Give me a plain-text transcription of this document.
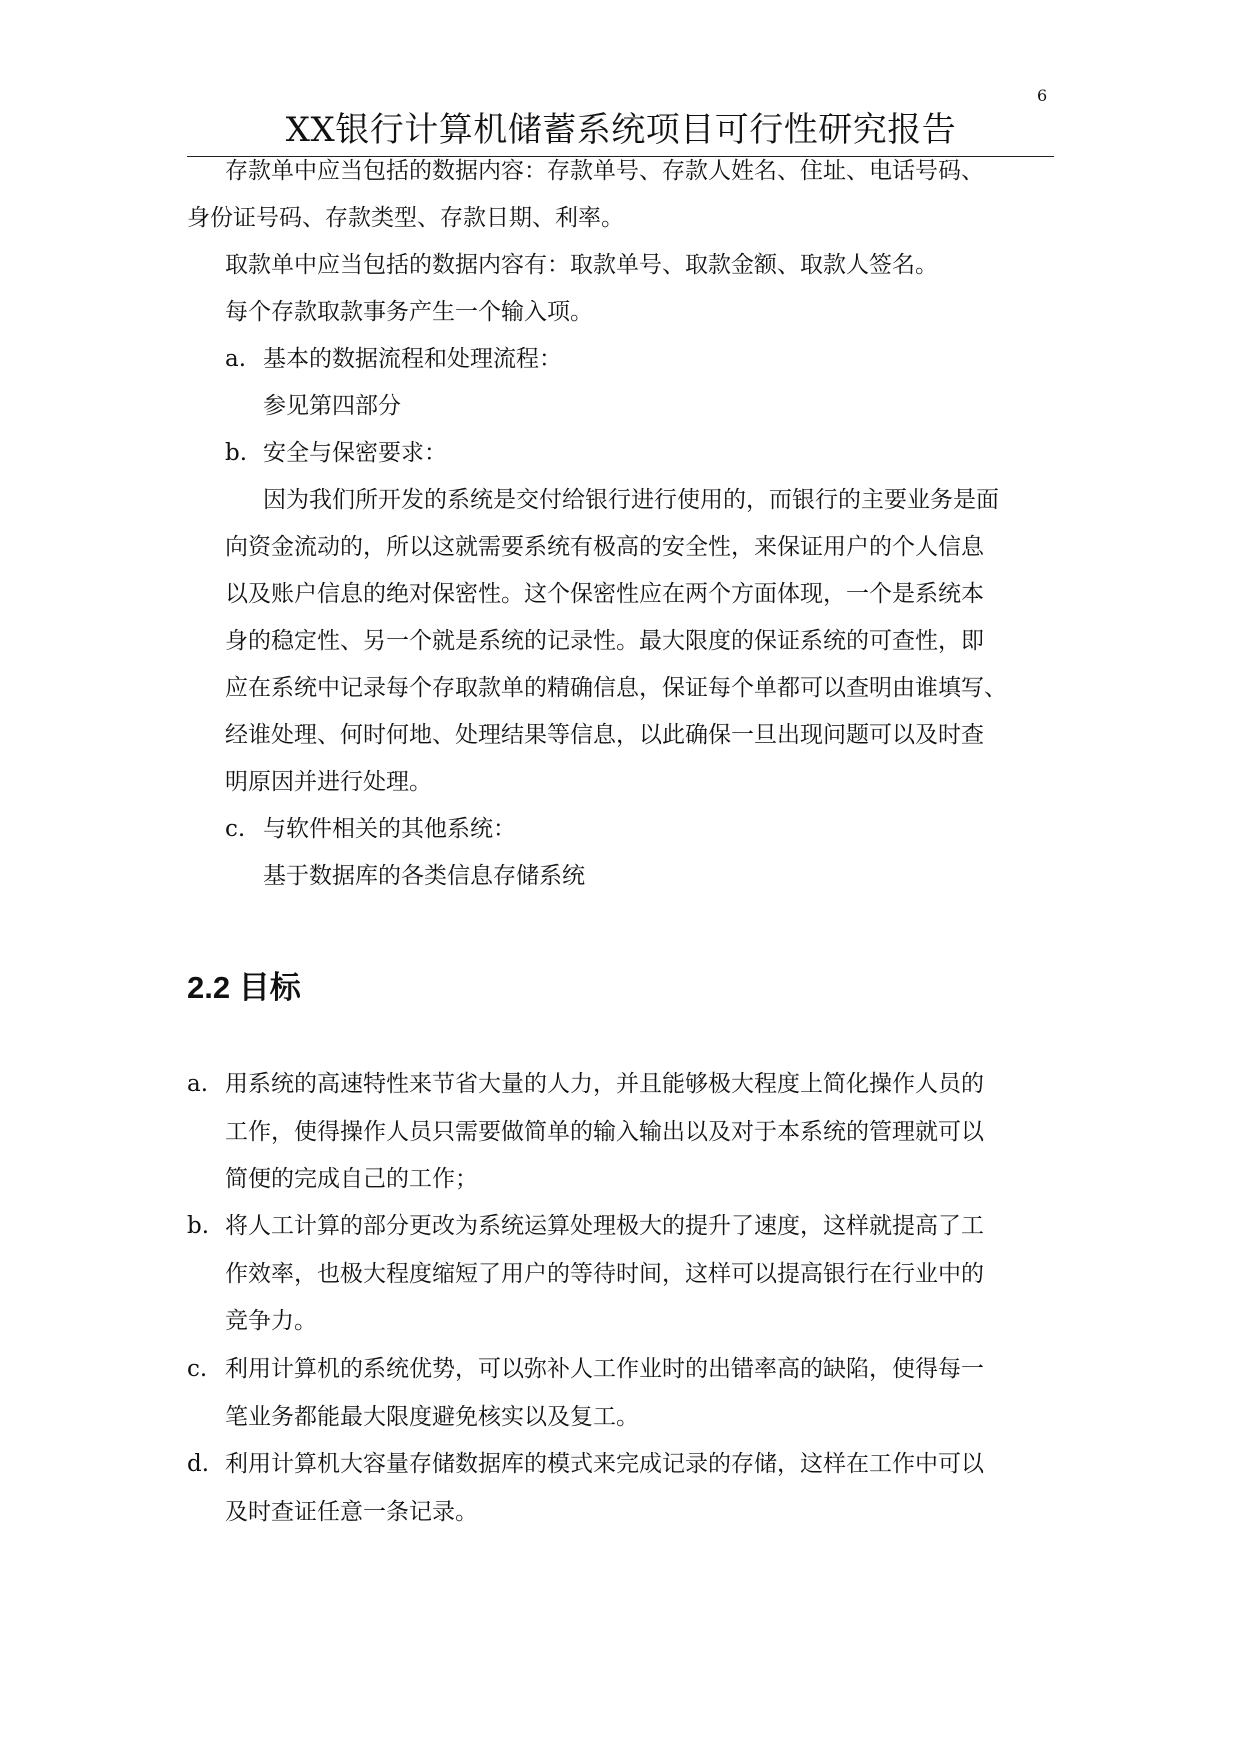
6
XX银行计算机储蓄系统项目可行性研究报告
存款单中应当包括的数据内容：存款单号、存款人姓名、住址、电话号码、
身份证号码、存款类型、存款日期、利率。
取款单中应当包括的数据内容有：取款单号、取款金额、取款人签名。
每个存款取款事务产生一个输入项。
a. 基本的数据流程和处理流程：
参见第四部分
b. 安全与保密要求：
因为我们所开发的系统是交付给银行进行使用的，而银行的主要业务是面
向资金流动的，所以这就需要系统有极高的安全性，来保证用户的个人信息
以及账户信息的绝对保密性。这个保密性应在两个方面体现，一个是系统本
身的稳定性、另一个就是系统的记录性。最大限度的保证系统的可查性，即
应在系统中记录每个存取款单的精确信息，保证每个单都可以查明由谁填写、
经谁处理、何时何地、处理结果等信息，以此确保一旦出现问题可以及时查
明原因并进行处理。
c. 与软件相关的其他系统：
基于数据库的各类信息存储系统
2.2 目标
a. 用系统的高速特性来节省大量的人力，并且能够极大程度上简化操作人员的
工作，使得操作人员只需要做简单的输入输出以及对于本系统的管理就可以
简便的完成自己的工作；
b. 将人工计算的部分更改为系统运算处理极大的提升了速度，这样就提高了工
作效率，也极大程度缩短了用户的等待时间，这样可以提高银行在行业中的
竞争力。
c. 利用计算机的系统优势，可以弥补人工作业时的出错率高的缺陷，使得每一
笔业务都能最大限度避免核实以及复工。
d. 利用计算机大容量存储数据库的模式来完成记录的存储，这样在工作中可以
及时查证任意一条记录。
